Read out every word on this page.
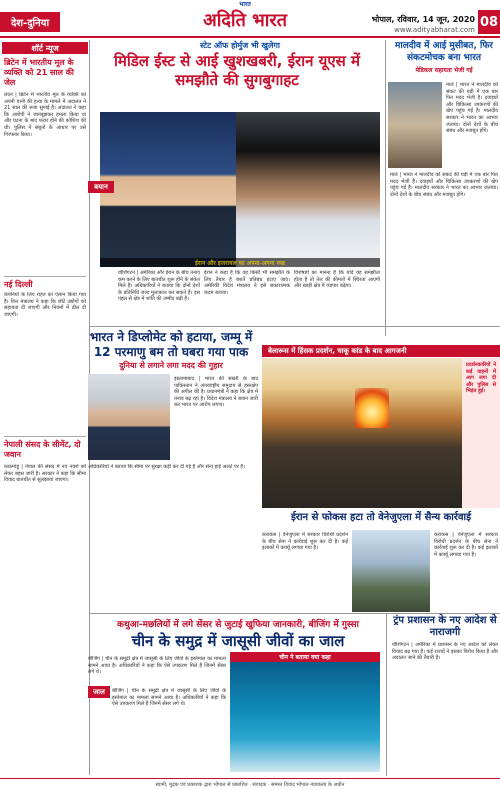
देश-दुनिया
भारत
अदिति भारत	भोपाल, रविवार, 14 जून, 2020
www.adityabharat.com
08
शॉर्ट न्यूज
ब्रिटेन में भारतीय मूल के व्यक्ति को 21 साल की जेल
लंदन | ब्रिटेन में भारतीय मूल के व्यक्ति को अपनी पत्नी की हत्या के मामले में अदालत ने 21 साल की सजा सुनाई है। अदालत ने कहा कि आरोपी ने जानबूझकर हमला किया था और घटना के बाद फरार होने की कोशिश की थी। पुलिस ने सबूतों के आधार पर उसे गिरफ्तार किया।
नई दिल्ली
कंपनियों के लिए राहत का ऐलान किया गया है। वित्त मंत्रालय ने कहा कि छोटे उद्योगों को सहायता दी जाएगी और नियमों में ढील दी जाएगी।
नेपाली संसद के सीमेंट, दो जवान
काठमांडू | नेपाल की संसद में नए नक्शे को लेकर बहस जारी है। सरकार ने कहा कि सीमा विवाद बातचीत से सुलझाया जाएगा।
स्टेट ऑफ होर्मुज भी खुलेगा
मिडिल ईस्ट से आई खुशखबरी, ईरान यूएस में समझौते की सुगबुगाहट
ईरान और इजरायल का अपना-अपना रुख
बयान
वॉशिंगटन | अमेरिका और ईरान के बीच तनाव कम करने के लिए बातचीत शुरू होने के संकेत मिले हैं। अधिकारियों ने बताया कि दोनों देशों के प्रतिनिधि जल्द मुलाकात कर सकते हैं। इस पहल से क्षेत्र में शांति की उम्मीद बढ़ी है।
ईरान ने कहा है कि वह किसी भी समझौते के लिए तैयार है बशर्ते प्रतिबंध हटाए जाएं। अमेरिकी विदेश मंत्रालय ने इसे सकारात्मक कदम बताया।
विशेषज्ञों का मानना है कि यदि यह समझौता होता है तो तेल की कीमतों में स्थिरता आएगी और खाड़ी क्षेत्र में व्यापार बढ़ेगा।
मालदीव में आई मुसीबत, फिर संकटमोचक बना भारत
मेडिकल सहायता भेजी गई
माले | भारत ने मालदीव को संकट की घड़ी में एक बार फिर मदद भेजी है। दवाइयों और चिकित्सा उपकरणों की खेप पहुंच गई है। मालदीव सरकार ने भारत का आभार जताया। दोनों देशों के बीच संबंध और मजबूत होंगे।
माले | भारत ने मालदीव को संकट की घड़ी में एक बार फिर मदद भेजी है। दवाइयों और चिकित्सा उपकरणों की खेप पहुंच गई है। मालदीव सरकार ने भारत का आभार जताया। दोनों देशों के बीच संबंध और मजबूत होंगे।
भारत ने डिप्लोमेट को हटाया, जम्मू में 12 परमाणु बम तो घबरा गया पाक
दुनिया से लगाने लगा मदद की गुहार
इस्लामाबाद | भारत की सख्ती के बाद पाकिस्तान ने अंतरराष्ट्रीय समुदाय से हस्तक्षेप की अपील की है। प्रधानमंत्री ने कहा कि क्षेत्र में तनाव बढ़ रहा है। विदेश मंत्रालय ने बयान जारी कर भारत पर आरोप लगाए।
अधिकारियों ने बताया कि सीमा पर सुरक्षा कड़ी कर दी गई है और सेना हाई अलर्ट पर है।
बेलारूस में हिंसक प्रदर्शन, चाकू कांड के बाद आगजनी
प्रदर्शनकारियों ने कई वाहनों में आग लगा दी और पुलिस से भिड़ंत हुई।
ईरान से फोकस हटा तो वेनेजुएला में सैन्य कार्रवाई
कराकस | वेनेजुएला में सरकार विरोधी प्रदर्शन के बीच सेना ने कार्रवाई शुरू कर दी है। कई इलाकों में कर्फ्यू लगाया गया है।
कराकस | वेनेजुएला में सरकार विरोधी प्रदर्शन के बीच सेना ने कार्रवाई शुरू कर दी है। कई इलाकों में कर्फ्यू लगाया गया है।
कथुआ-मछलियों में लगे सेंसर से जुटाई खुफिया जानकारी, बीजिंग में गुस्सा
चीन के समुद्र में जासूसी जीवों का जाल
बीजिंग | चीन के समुद्री क्षेत्र में जासूसी के लिए जीवों के इस्तेमाल का मामला सामने आया है। अधिकारियों ने कहा कि ऐसे उपकरण मिले हैं जिनमें सेंसर लगे थे।
जाल	बीजिंग | चीन के समुद्री क्षेत्र में जासूसी के लिए जीवों के इस्तेमाल का मामला सामने आया है। अधिकारियों ने कहा कि ऐसे उपकरण मिले हैं जिनमें सेंसर लगे थे।
चीन ने बताया क्या कहा
ट्रंप प्रशासन के नए आदेश से नाराजगी
वॉशिंगटन | अमेरिका में प्रशासन के नए आदेश को लेकर विवाद बढ़ गया है। कई राज्यों ने इसका विरोध किया है और अदालत जाने की तैयारी है।
स्वामी, मुद्रक एवं प्रकाशक द्वारा भोपाल से प्रकाशित · संपादक · समस्त विवाद भोपाल न्यायालय के अधीन
